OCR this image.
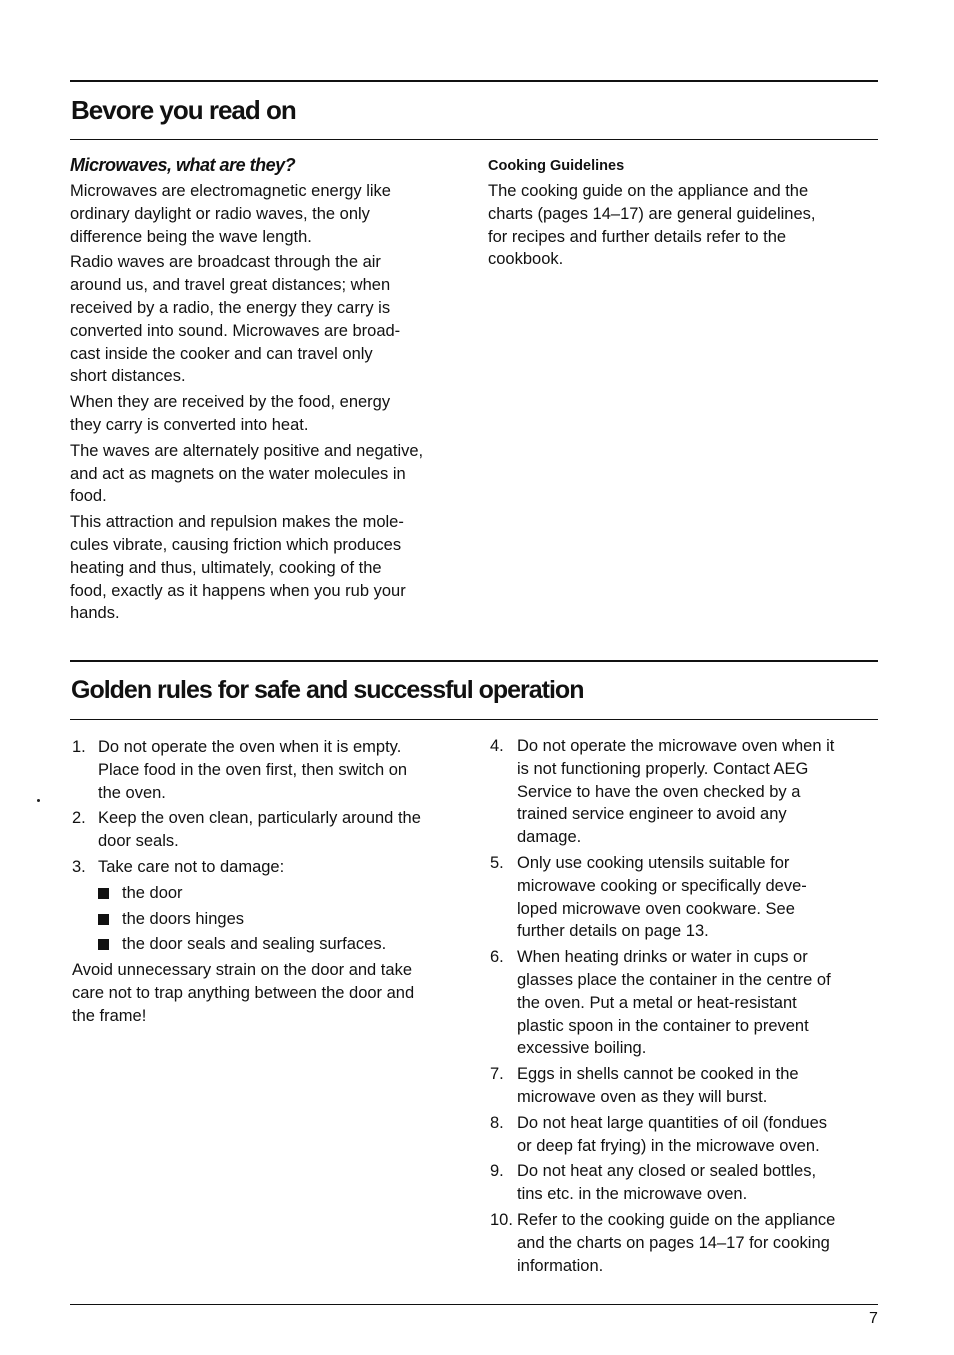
Bevore you read on
Microwaves, what are they?

Microwaves are electromagnetic energy like
ordinary daylight or radio waves, the only
difference being the wave length.

Radio waves are broadcast through the air
around us, and travel great distances; when
received by a radio, the energy they carry is
converted into sound. Microwaves are broad-
cast inside the cooker and can travel only
short distances.

When they are received by the food, energy
they carry is converted into heat.

The waves are alternately positive and negative,
and act as magnets on the water molecules in
food.

This attraction and repulsion makes the mole-
cules vibrate, causing friction which produces
heating and thus, ultimately, cooking of the
food, exactly as it happens when you rub your
hands.

Cooking Guidelines

The cooking guide on the appliance and the
charts (pages 14–17) are general guidelines,
for recipes and further details refer to the
cookbook.

Golden rules for safe and successful operation
1. Do not operate the oven when it is empty.
Place food in the oven first, then switch on
the oven.
2. Keep the oven clean, particularly around the
door seals.
3. Take care not to damage:
the door
the doors hinges
the door seals and sealing surfaces.

Avoid unnecessary strain on the door and take
care not to trap anything between the door and
the frame!

4. Do not operate the microwave oven when it
is not functioning properly. Contact AEG
Service to have the oven checked by a
trained service engineer to avoid any
damage.
5. Only use cooking utensils suitable for
microwave cooking or specifically deve-
loped microwave oven cookware. See
further details on page 13.
6. When heating drinks or water in cups or
glasses place the container in the centre of
the oven. Put a metal or heat-resistant
plastic spoon in the container to prevent
excessive boiling.
7. Eggs in shells cannot be cooked in the
microwave oven as they will burst.
8. Do not heat large quantities of oil (fondues
or deep fat frying) in the microwave oven.
9. Do not heat any closed or sealed bottles,
tins etc. in the microwave oven.
10. Refer to the cooking guide on the appliance
and the charts on pages 14–17 for cooking
information.
7
